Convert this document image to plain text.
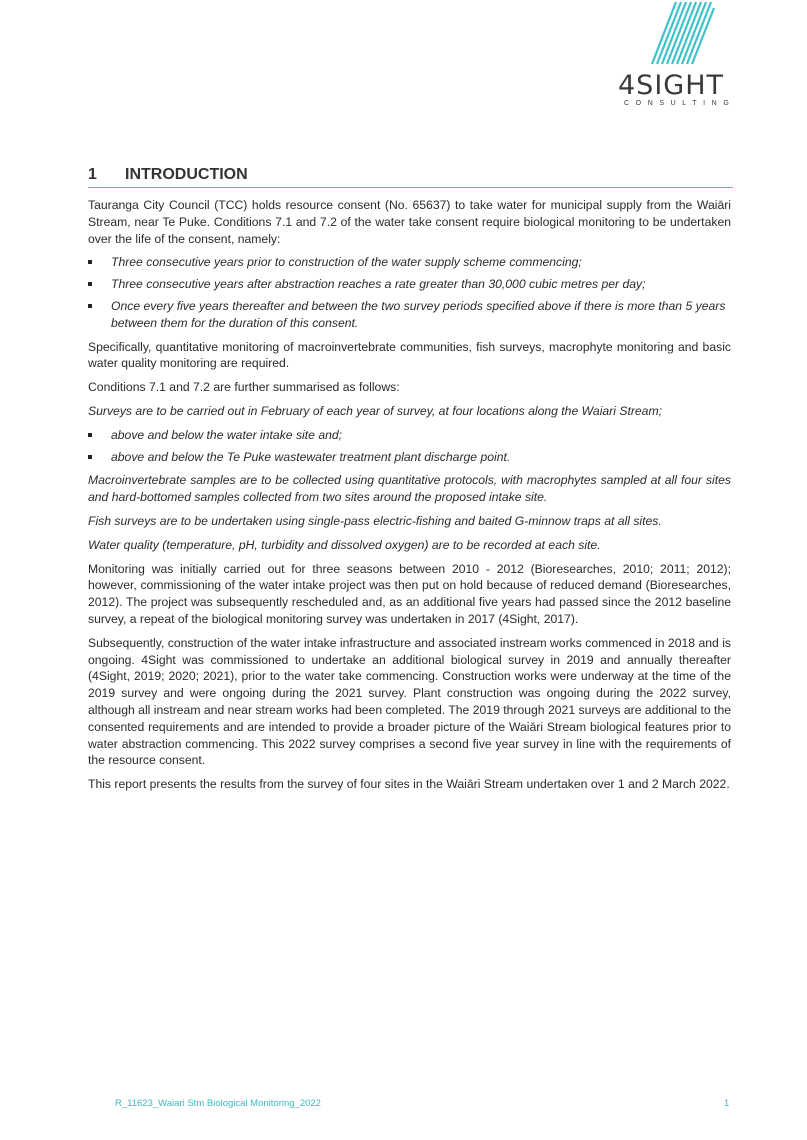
4SIGHT
CONSULTING
1 INTRODUCTION

Tauranga City Council (TCC) holds resource consent (No. 65637) to take water for municipal supply from the Waiāri Stream, near Te Puke. Conditions 7.1 and 7.2 of the water take consent require biological monitoring to be undertaken over the life of the consent, namely:

Three consecutive years prior to construction of the water supply scheme commencing;
Three consecutive years after abstraction reaches a rate greater than 30,000 cubic metres per day;
Once every five years thereafter and between the two survey periods specified above if there is more than 5 years between them for the duration of this consent.

Specifically, quantitative monitoring of macroinvertebrate communities, fish surveys, macrophyte monitoring and basic water quality monitoring are required.

Conditions 7.1 and 7.2 are further summarised as follows:

Surveys are to be carried out in February of each year of survey, at four locations along the Waiari Stream;

above and below the water intake site and;
above and below the Te Puke wastewater treatment plant discharge point.

Macroinvertebrate samples are to be collected using quantitative protocols, with macrophytes sampled at all four sites and hard-bottomed samples collected from two sites around the proposed intake site.

Fish surveys are to be undertaken using single-pass electric-fishing and baited G-minnow traps at all sites.

Water quality (temperature, pH, turbidity and dissolved oxygen) are to be recorded at each site.

Monitoring was initially carried out for three seasons between 2010 - 2012 (Bioresearches, 2010; 2011; 2012); however, commissioning of the water intake project was then put on hold because of reduced demand (Bioresearches, 2012). The project was subsequently rescheduled and, as an additional five years had passed since the 2012 baseline survey, a repeat of the biological monitoring survey was undertaken in 2017 (4Sight, 2017).

Subsequently, construction of the water intake infrastructure and associated instream works commenced in 2018 and is ongoing. 4Sight was commissioned to undertake an additional biological survey in 2019 and annually thereafter (4Sight, 2019; 2020; 2021), prior to the water take commencing. Construction works were underway at the time of the 2019 survey and were ongoing during the 2021 survey. Plant construction was ongoing during the 2022 survey, although all instream and near stream works had been completed. The 2019 through 2021 surveys are additional to the consented requirements and are intended to provide a broader picture of the Waiāri Stream biological features prior to water abstraction commencing. This 2022 survey comprises a second five year survey in line with the requirements of the resource consent.

This report presents the results from the survey of four sites in the Waiāri Stream undertaken over 1 and 2 March 2022.

R_11623_Waiari Stm Biological Monitoring_2022	1
